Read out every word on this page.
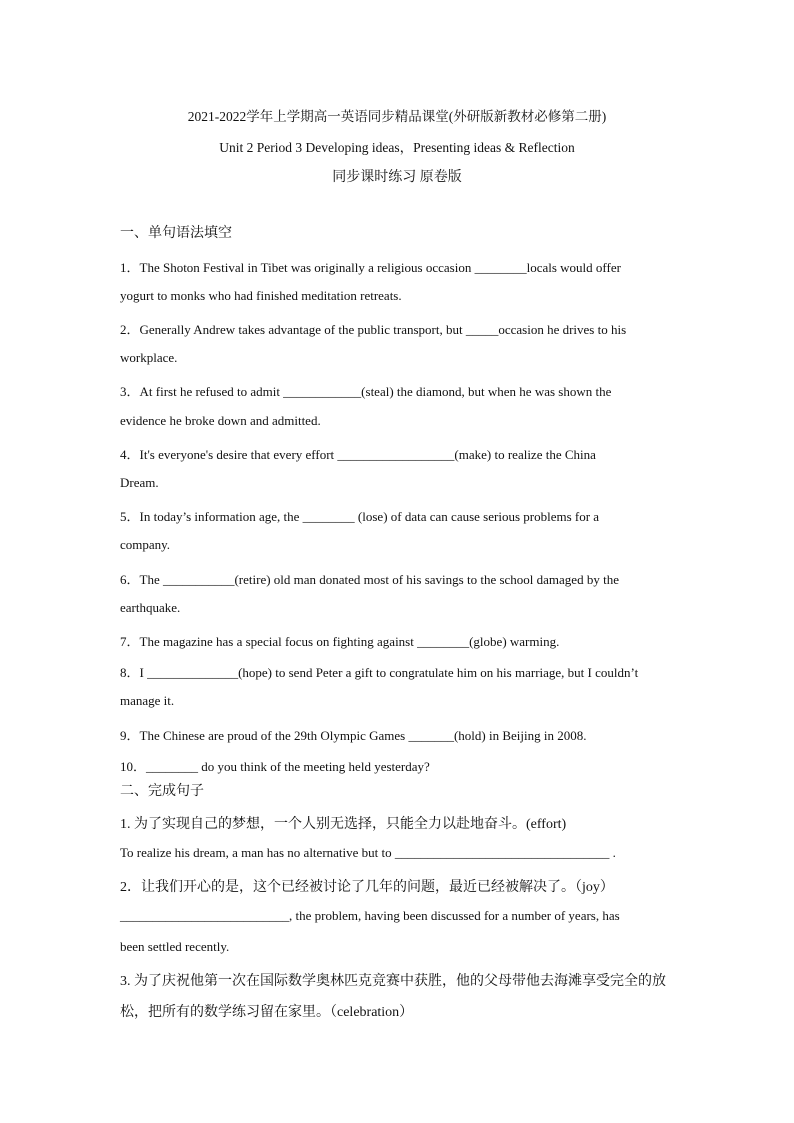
2021-2022学年上学期高一英语同步精品课堂(外研版新教材必修第二册)
Unit 2 Period 3 Developing ideas，Presenting ideas & Reflection
同步课时练习 原卷版
一、单句语法填空
1．The Shoton Festival in Tibet was originally a religious occasion ________locals would offer
yogurt to monks who had finished meditation retreats.
2．Generally Andrew takes advantage of the public transport, but _____occasion he drives to his
workplace.
3．At first he refused to admit ____________(steal) the diamond, but when he was shown the
evidence he broke down and admitted.
4．It's everyone's desire that every effort __________________(make) to realize the China
Dream.
5．In today’s information age, the ________ (lose) of data can cause serious problems for a
company.
6．The ___________(retire) old man donated most of his savings to the school damaged by the
earthquake.
7．The magazine has a special focus on fighting against ________(globe) warming.
8．I ______________(hope) to send Peter a gift to congratulate him on his marriage, but I couldn’t
manage it.
9．The Chinese are proud of the 29th Olympic Games _______(hold) in Beijing in 2008.
10．________ do you think of the meeting held yesterday?
二、完成句子
1. 为了实现自己的梦想，一个人别无选择，只能全力以赴地奋斗。(effort)
To realize his dream, a man has no alternative but to _________________________________ .
2．让我们开心的是，这个已经被讨论了几年的问题，最近已经被解决了。（joy）
__________________________, the problem, having been discussed for a number of years, has
been settled recently.
3. 为了庆祝他第一次在国际数学奥林匹克竞赛中获胜，他的父母带他去海滩享受完全的放
松，把所有的数学练习留在家里。（celebration）
